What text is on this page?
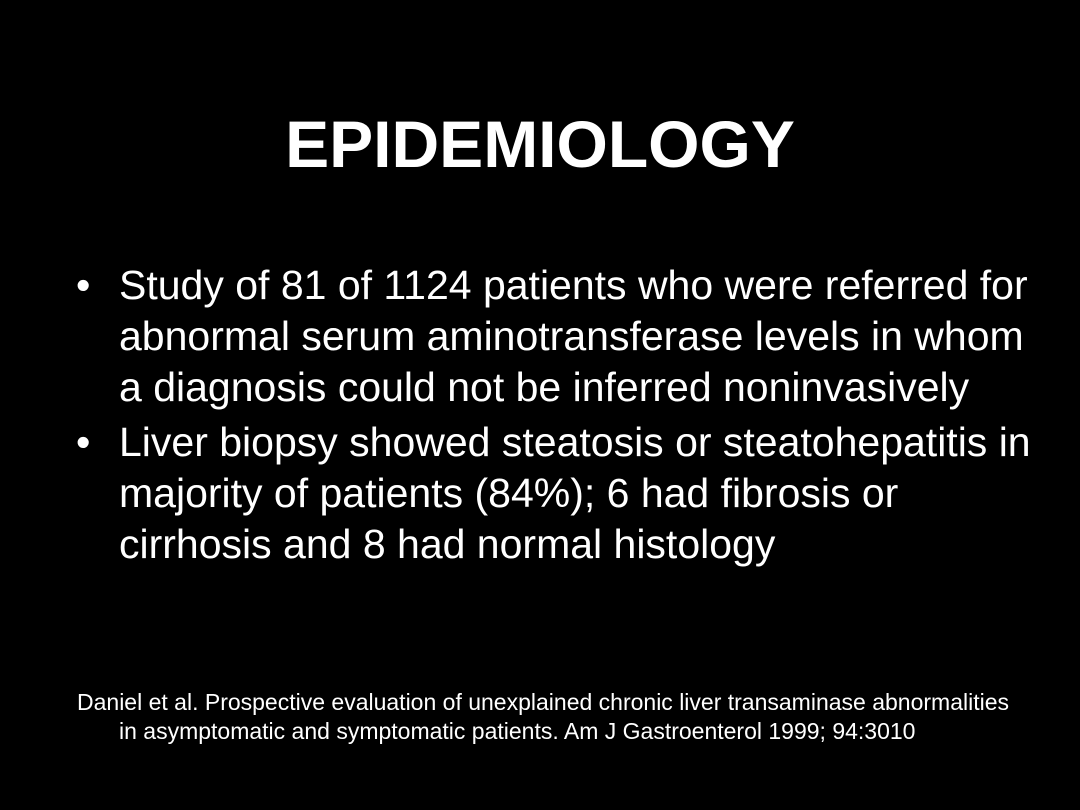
EPIDEMIOLOGY
• Study of 81 of 1124 patients who were referred for abnormal serum aminotransferase levels in whom a diagnosis could not be inferred noninvasively
• Liver biopsy showed steatosis or steatohepatitis in majority of patients (84%); 6 had fibrosis or cirrhosis and 8 had normal histology
Daniel et al. Prospective evaluation of unexplained chronic liver transaminase abnormalities in asymptomatic and symptomatic patients. Am J Gastroenterol 1999; 94:3010
